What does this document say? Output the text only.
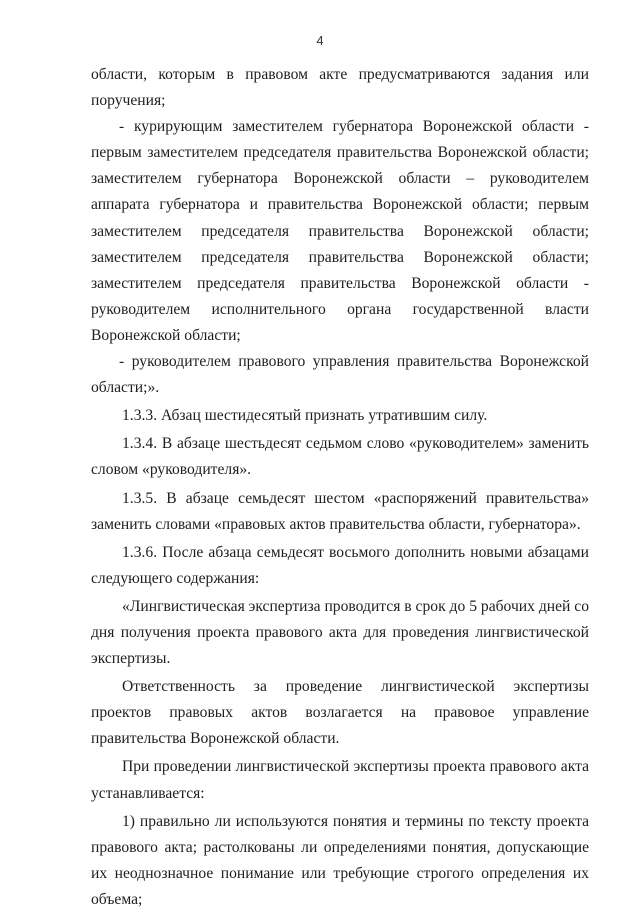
4

области, которым в правовом акте предусматриваются задания или поручения;

- курирующим заместителем губернатора Воронежской области - первым заместителем председателя правительства Воронежской области; заместителем губернатора Воронежской области – руководителем аппарата губернатора и правительства Воронежской области; первым заместителем председателя правительства Воронежской области; заместителем председателя правительства Воронежской области; заместителем председателя правительства Воронежской области - руководителем исполнительного органа государственной власти Воронежской области;

- руководителем правового управления правительства Воронежской области;».

1.3.3. Абзац шестидесятый признать утратившим силу.

1.3.4. В абзаце шестьдесят седьмом слово «руководителем» заменить словом «руководителя».

1.3.5. В абзаце семьдесят шестом «распоряжений правительства» заменить словами «правовых актов правительства области, губернатора».

1.3.6. После абзаца семьдесят восьмого дополнить новыми абзацами следующего содержания:

«Лингвистическая экспертиза проводится в срок до 5 рабочих дней со дня получения проекта правового акта для проведения лингвистической экспертизы.

Ответственность за проведение лингвистической экспертизы проектов правовых актов возлагается на правовое управление правительства Воронежской области.

При проведении лингвистической экспертизы проекта правового акта устанавливается:

1) правильно ли используются понятия и термины по тексту проекта правового акта; растолкованы ли определениями понятия, допускающие их неоднозначное понимание или требующие строгого определения их объема;
